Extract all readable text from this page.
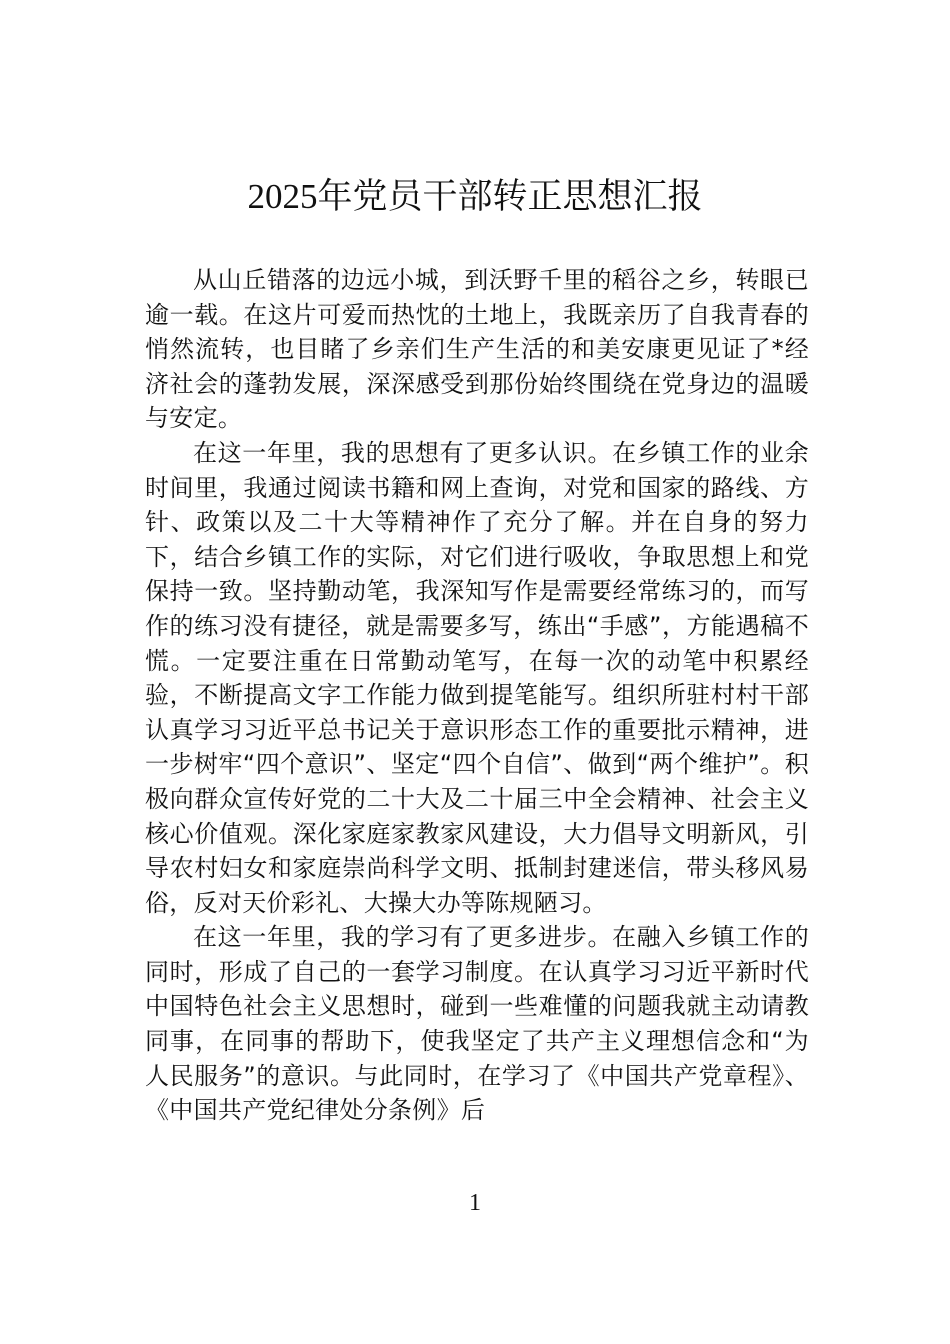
2025年党员干部转正思想汇报

从山丘错落的边远小城，到沃野千里的稻谷之乡，转眼已逾一载。在这片可爱而热忱的土地上，我既亲历了自我青春的悄然流转，也目睹了乡亲们生产生活的和美安康更见证了*经济社会的蓬勃发展，深深感受到那份始终围绕在党身边的温暖与安定。

在这一年里，我的思想有了更多认识。在乡镇工作的业余时间里，我通过阅读书籍和网上查询，对党和国家的路线、方针、政策以及二十大等精神作了充分了解。并在自身的努力下，结合乡镇工作的实际，对它们进行吸收，争取思想上和党保持一致。坚持勤动笔，我深知写作是需要经常练习的，而写作的练习没有捷径，就是需要多写，练出“手感”，方能遇稿不慌。一定要注重在日常勤动笔写，在每一次的动笔中积累经验，不断提高文字工作能力做到提笔能写。组织所驻村村干部认真学习习近平总书记关于意识形态工作的重要批示精神，进一步树牢“四个意识”、坚定“四个自信”、做到“两个维护”。积极向群众宣传好党的二十大及二十届三中全会精神、社会主义核心价值观。深化家庭家教家风建设，大力倡导文明新风，引导农村妇女和家庭崇尚科学文明、抵制封建迷信，带头移风易俗，反对天价彩礼、大操大办等陈规陋习。

在这一年里，我的学习有了更多进步。在融入乡镇工作的同时，形成了自己的一套学习制度。在认真学习习近平新时代中国特色社会主义思想时，碰到一些难懂的问题我就主动请教同事，在同事的帮助下，使我坚定了共产主义理想信念和“为人民服务”的意识。与此同时，在学习了《中国共产党章程》、《中国共产党纪律处分条例》后

1
